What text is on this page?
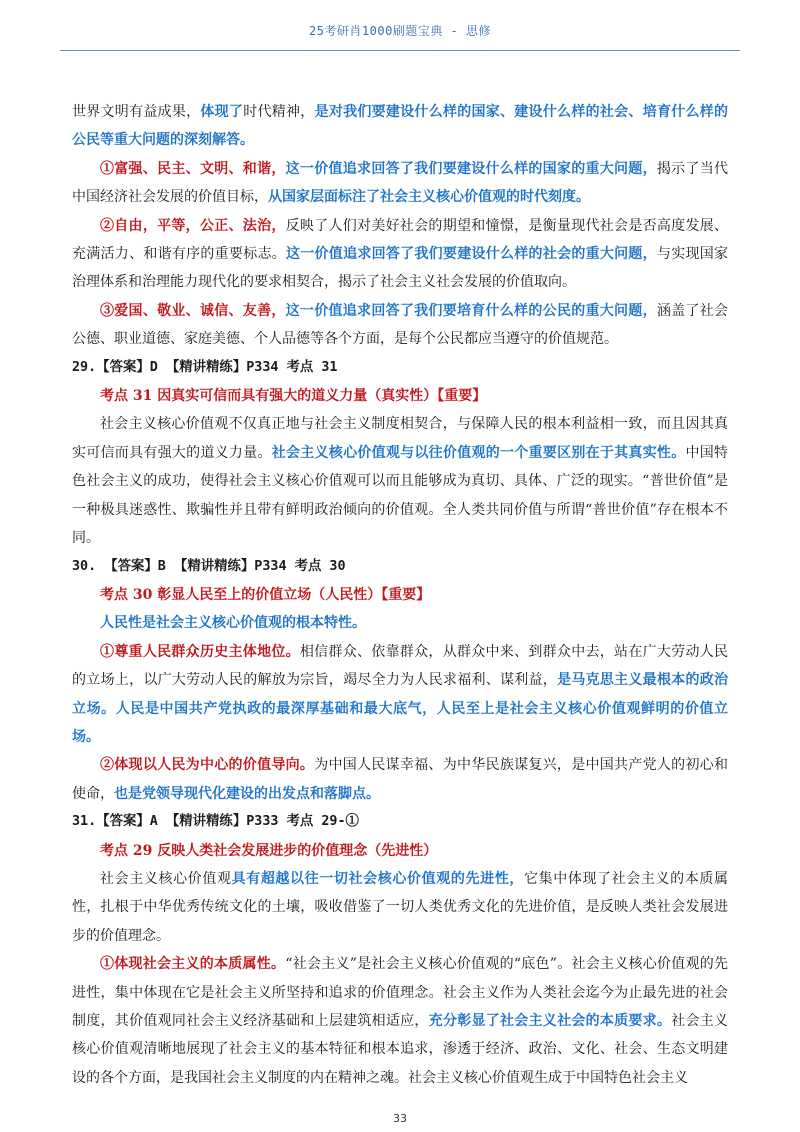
25考研肖1000刷题宝典 - 思修

世界文明有益成果，体现了时代精神，是对我们要建设什么样的国家、建设什么样的社会、培育什么样的公民等重大问题的深刻解答。

①富强、民主、文明、和谐，这一价值追求回答了我们要建设什么样的国家的重大问题，揭示了当代中国经济社会发展的价值目标，从国家层面标注了社会主义核心价值观的时代刻度。

②自由，平等，公正、法治，反映了人们对美好社会的期望和憧憬，是衡量现代社会是否高度发展、充满活力、和谐有序的重要标志。这一价值追求回答了我们要建设什么样的社会的重大问题，与实现国家治理体系和治理能力现代化的要求相契合，揭示了社会主义社会发展的价值取向。

③爱国、敬业、诚信、友善，这一价值追求回答了我们要培育什么样的公民的重大问题，涵盖了社会公德、职业道德、家庭美德、个人品德等各个方面，是每个公民都应当遵守的价值规范。

29.【答案】D 【精讲精练】P334 考点 31

考点 31 因真实可信而具有强大的道义力量（真实性）【重要】

社会主义核心价值观不仅真正地与社会主义制度相契合，与保障人民的根本利益相一致，而且因其真实可信而具有强大的道义力量。社会主义核心价值观与以往价值观的一个重要区别在于其真实性。中国特色社会主义的成功，使得社会主义核心价值观可以而且能够成为真切、具体、广泛的现实。“普世价值”是一种极具迷惑性、欺骗性并且带有鲜明政治倾向的价值观。全人类共同价值与所谓“普世价值”存在根本不同。

30. 【答案】B 【精讲精练】P334 考点 30

考点 30 彰显人民至上的价值立场（人民性）【重要】

人民性是社会主义核心价值观的根本特性。

①尊重人民群众历史主体地位。相信群众、依靠群众，从群众中来、到群众中去，站在广大劳动人民的立场上，以广大劳动人民的解放为宗旨，竭尽全力为人民求福利、谋利益，是马克思主义最根本的政治立场。人民是中国共产党执政的最深厚基础和最大底气，人民至上是社会主义核心价值观鲜明的价值立场。

②体现以人民为中心的价值导向。为中国人民谋幸福、为中华民族谋复兴，是中国共产党人的初心和使命，也是党领导现代化建设的出发点和落脚点。

31.【答案】A 【精讲精练】P333 考点 29-①

考点 29 反映人类社会发展进步的价值理念（先进性）

社会主义核心价值观具有超越以往一切社会核心价值观的先进性，它集中体现了社会主义的本质属性，扎根于中华优秀传统文化的土壤，吸收借鉴了一切人类优秀文化的先进价值，是反映人类社会发展进步的价值理念。

①体现社会主义的本质属性。“社会主义”是社会主义核心价值观的“底色”。社会主义核心价值观的先进性，集中体现在它是社会主义所坚持和追求的价值理念。社会主义作为人类社会迄今为止最先进的社会制度，其价值观同社会主义经济基础和上层建筑相适应，充分彰显了社会主义社会的本质要求。社会主义核心价值观清晰地展现了社会主义的基本特征和根本追求，渗透于经济、政治、文化、社会、生态文明建设的各个方面，是我国社会主义制度的内在精神之魂。社会主义核心价值观生成于中国特色社会主义

33
